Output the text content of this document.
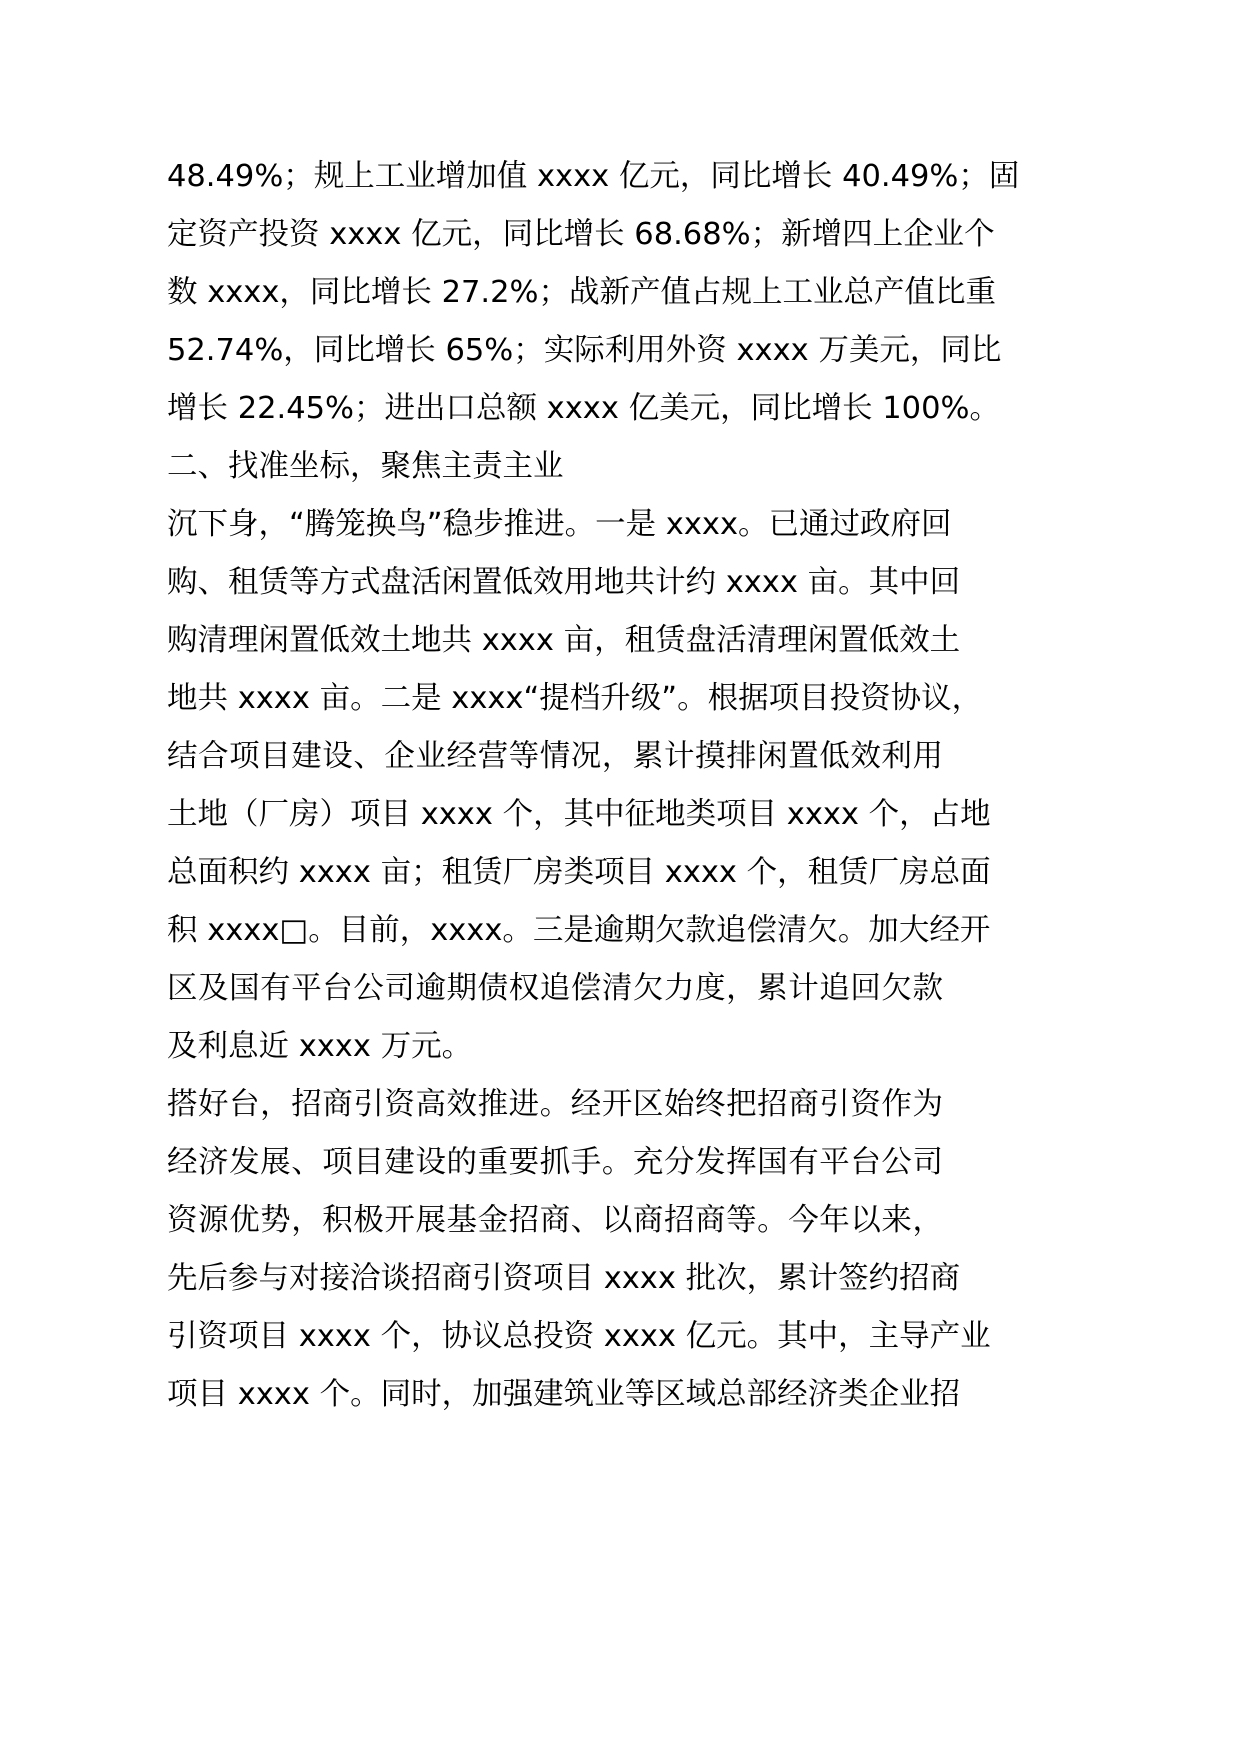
48.49%；规上工业增加值 xxxx 亿元，同比增长 40.49%；固
定资产投资 xxxx 亿元，同比增长 68.68%；新增四上企业个
数 xxxx，同比增长 27.2%；战新产值占规上工业总产值比重
52.74%，同比增长 65%；实际利用外资 xxxx 万美元，同比
增长 22.45%；进出口总额 xxxx 亿美元，同比增长 100%。
二、找准坐标，聚焦主责主业
沉下身，“腾笼换鸟”稳步推进。一是 xxxx。已通过政府回
购、租赁等方式盘活闲置低效用地共计约 xxxx 亩。其中回
购清理闲置低效土地共 xxxx 亩，租赁盘活清理闲置低效土
地共 xxxx 亩。二是 xxxx“提档升级”。根据项目投资协议，
结合项目建设、企业经营等情况，累计摸排闲置低效利用
土地（厂房）项目 xxxx 个，其中征地类项目 xxxx 个，占地
总面积约 xxxx 亩；租赁厂房类项目 xxxx 个，租赁厂房总面
积 xxxx□。目前，xxxx。三是逾期欠款追偿清欠。加大经开
区及国有平台公司逾期债权追偿清欠力度，累计追回欠款
及利息近 xxxx 万元。
搭好台，招商引资高效推进。经开区始终把招商引资作为
经济发展、项目建设的重要抓手。充分发挥国有平台公司
资源优势，积极开展基金招商、以商招商等。今年以来，
先后参与对接洽谈招商引资项目 xxxx 批次，累计签约招商
引资项目 xxxx 个，协议总投资 xxxx 亿元。其中，主导产业
项目 xxxx 个。同时，加强建筑业等区域总部经济类企业招
